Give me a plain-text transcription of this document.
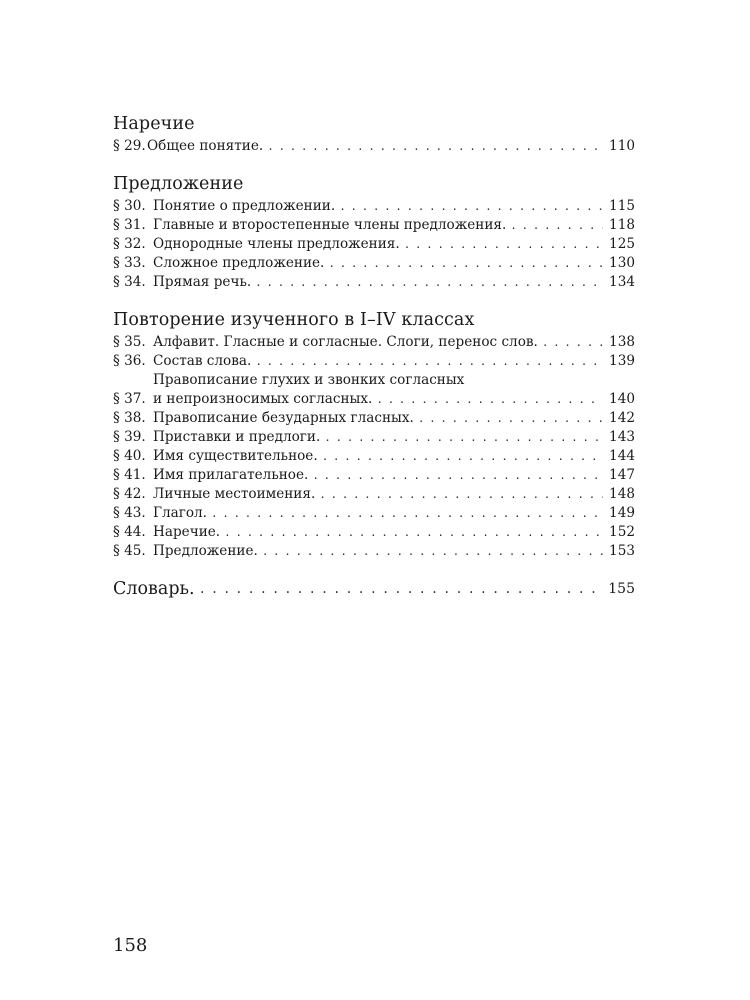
Наречие
§ 29. Общее понятие. .....	110
Предложение
§ 30. Понятие о предложении. .....	115
§ 31. Главные и второстепенные члены предложения. .....	118
§ 32. Однородные члены предложения. .....	125
§ 33. Сложное предложение. .....	130
§ 34. Прямая речь. .....	134
Повторение изученного в I–IV классах
§ 35. Алфавит. Гласные и согласные. Слоги, перенос слов. .....	138
§ 36. Состав слова. .....	139
§ 37.
Правописание глухих и звонких согласных
и непроизносимых согласных. .....	140
§ 38. Правописание безударных гласных. .....	142
§ 39. Приставки и предлоги. .....	143
§ 40. Имя существительное. .....	144
§ 41. Имя прилагательное. .....	147
§ 42. Личные местоимения. .....	148
§ 43. Глагол. .....	149
§ 44. Наречие. .....	152
§ 45. Предложение. .....	153
Словарь. .....	155
158
